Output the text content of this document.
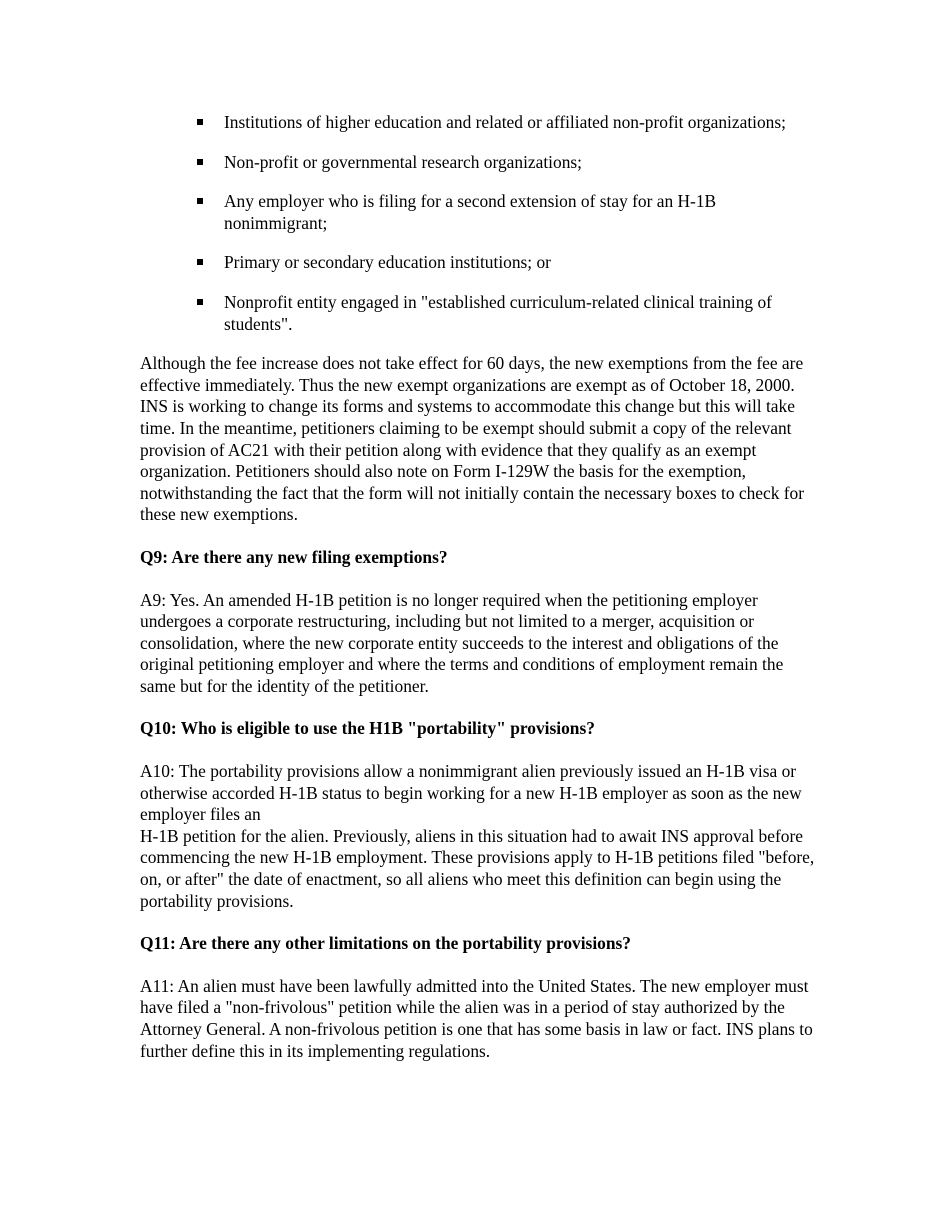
Institutions of higher education and related or affiliated non-profit organizations;
Non-profit or governmental research organizations;
Any employer who is filing for a second extension of stay for an H-1B nonimmigrant;
Primary or secondary education institutions; or
Nonprofit entity engaged in "established curriculum-related clinical training of students".

Although the fee increase does not take effect for 60 days, the new exemptions from the fee are effective immediately. Thus the new exempt organizations are exempt as of October 18, 2000. INS is working to change its forms and systems to accommodate this change but this will take time. In the meantime, petitioners claiming to be exempt should submit a copy of the relevant provision of AC21 with their petition along with evidence that they qualify as an exempt organization. Petitioners should also note on Form I-129W the basis for the exemption, notwithstanding the fact that the form will not initially contain the necessary boxes to check for these new exemptions.

Q9: Are there any new filing exemptions?

A9: Yes. An amended H-1B petition is no longer required when the petitioning employer undergoes a corporate restructuring, including but not limited to a merger, acquisition or consolidation, where the new corporate entity succeeds to the interest and obligations of the original petitioning employer and where the terms and conditions of employment remain the same but for the identity of the petitioner.

Q10: Who is eligible to use the H1B "portability" provisions?

A10: The portability provisions allow a nonimmigrant alien previously issued an H-1B visa or otherwise accorded H-1B status to begin working for a new H-1B employer as soon as the new employer files an
H-1B petition for the alien. Previously, aliens in this situation had to await INS approval before commencing the new H-1B employment. These provisions apply to H-1B petitions filed "before, on, or after" the date of enactment, so all aliens who meet this definition can begin using the portability provisions.

Q11: Are there any other limitations on the portability provisions?

A11: An alien must have been lawfully admitted into the United States. The new employer must have filed a "non-frivolous" petition while the alien was in a period of stay authorized by the Attorney General. A non-frivolous petition is one that has some basis in law or fact. INS plans to further define this in its implementing regulations.
